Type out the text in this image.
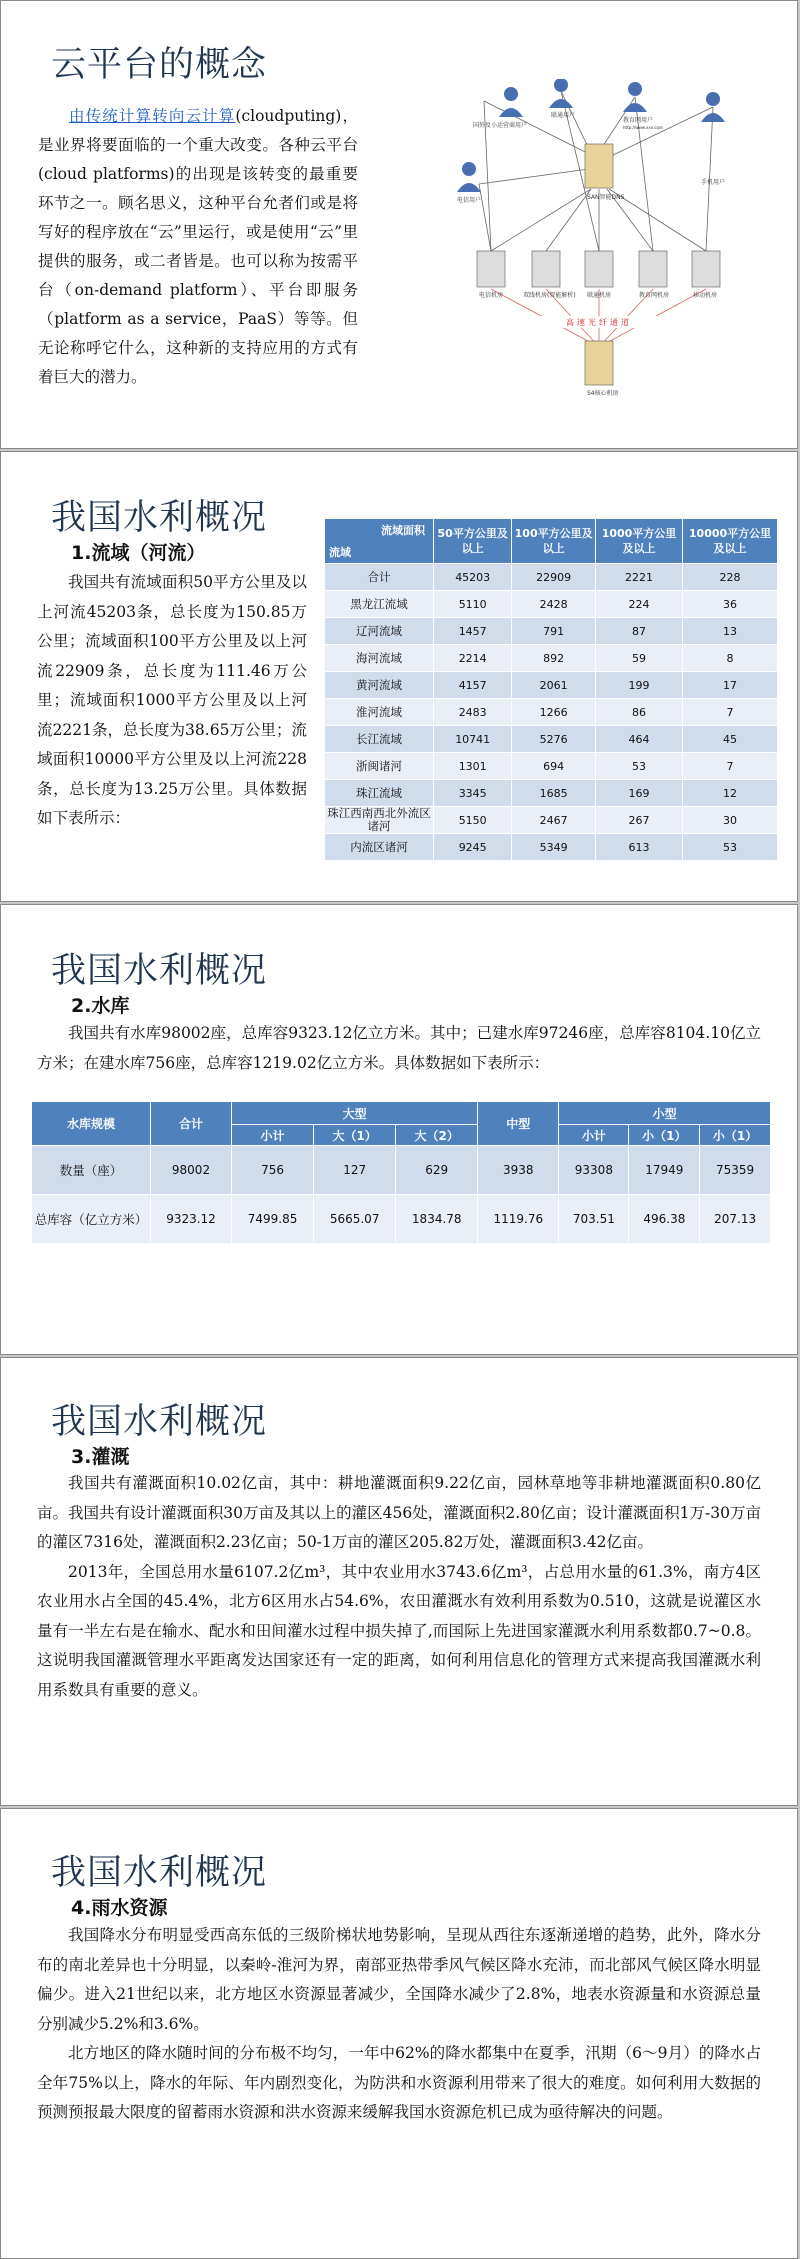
云平台的概念

由传统计算转向云计算(cloudputing)，是业界将要面临的一个重大改变。各种云平台(cloud platforms)的出现是该转变的最重要环节之一。顾名思义，这种平台允者们或是将写好的程序放在“云”里运行，或是使用“云”里提供的服务，或二者皆是。也可以称为按需平台（on-demand platform）、平台即服务（platform as a service，PaaS）等等。但无论称呼它什么，这种新的支持应用的方式有着巨大的潜力。

国外及小运营商用户
联通用户
教育网用户
电信用户	SAN智能DNS
手机用户
电信机房	双线机房(智能解析) 联通机房	教育网机房	移动机房
S4核心机房
http://www.xxx.com
高速光纤通道
我国水利概况
1.流域（河流）

我国共有流域面积50平方公里及以上河流45203条，总长度为150.85万公里；流域面积100平方公里及以上河流22909条，总长度为111.46万公里；流域面积1000平方公里及以上河流2221条，总长度为38.65万公里；流域面积10000平方公里及以上河流228条，总长度为13.25万公里。具体数据如下表所示：

流域面积
流域	50平方公里及以上	100平方公里及以上	1000平方公里及以上	10000平方公里及以上
合计	45203	22909	2221	228
黑龙江流域	5110	2428	224	36
辽河流域	1457	791	87	13
海河流域	2214	892	59	8
黄河流域	4157	2061	199	17
淮河流域	2483	1266	86	7
长江流域	10741	5276	464	45
浙闽诸河	1301	694	53	7
珠江流域	3345	1685	169	12
珠江西南西北外流区诸河	5150	2467	267	30
内流区诸河	9245	5349	613	53
我国水利概况
2.水库

我国共有水库98002座，总库容9323.12亿立方米。其中；已建水库97246座，总库容8104.10亿立方米；在建水库756座，总库容1219.02亿立方米。具体数据如下表所示：

水库规模	合计	大型			中型	小型		
		小计	大（1）	大（2）		小计	小（1）	小（1）
数量（座）	98002	756	127	629	3938	93308	17949	75359
总库容（亿立方米）	9323.12	7499.85	5665.07	1834.78	1119.76	703.51	496.38	207.13
我国水利概况
3.灌溉

我国共有灌溉面积10.02亿亩，其中：耕地灌溉面积9.22亿亩，园林草地等非耕地灌溉面积0.80亿亩。我国共有设计灌溉面积30万亩及其以上的灌区456处，灌溉面积2.80亿亩；设计灌溉面积1万-30万亩的灌区7316处，灌溉面积2.23亿亩；50-1万亩的灌区205.82万处，灌溉面积3.42亿亩。

2013年，全国总用水量6107.2亿m³，其中农业用水3743.6亿m³，占总用水量的61.3%，南方4区农业用水占全国的45.4%，北方6区用水占54.6%，农田灌溉水有效利用系数为0.510，这就是说灌区水量有一半左右是在输水、配水和田间灌水过程中损失掉了,而国际上先进国家灌溉水利用系数都0.7~0.8。这说明我国灌溉管理水平距离发达国家还有一定的距离，如何利用信息化的管理方式来提高我国灌溉水利用系数具有重要的意义。

我国水利概况
4.雨水资源

我国降水分布明显受西高东低的三级阶梯状地势影响，呈现从西往东逐渐递增的趋势，此外，降水分布的南北差异也十分明显，以秦岭-淮河为界，南部亚热带季风气候区降水充沛，而北部风气候区降水明显偏少。进入21世纪以来，北方地区水资源显著减少，全国降水减少了2.8%，地表水资源量和水资源总量分别减少5.2%和3.6%。

北方地区的降水随时间的分布极不均匀，一年中62%的降水都集中在夏季，汛期（6～9月）的降水占全年75%以上，降水的年际、年内剧烈变化，为防洪和水资源利用带来了很大的难度。如何利用大数据的预测预报最大限度的留蓄雨水资源和洪水资源来缓解我国水资源危机已成为亟待解决的问题。
